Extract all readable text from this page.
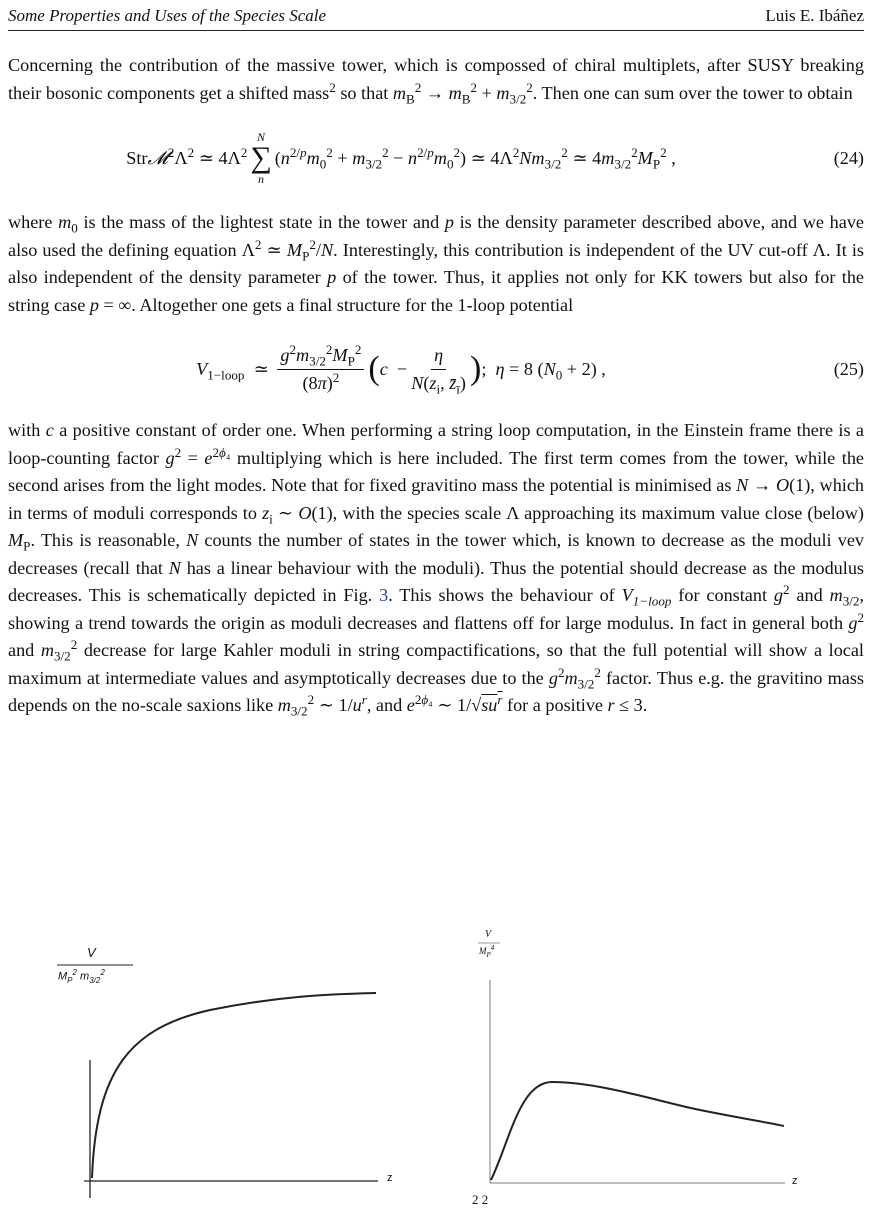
Some Properties and Uses of the Species Scale	Luis E. Ibáñez

Concerning the contribution of the massive tower, which is compossed of chiral multiplets, after SUSY breaking their bosonic components get a shifted mass$^2$ so that $m_B^2 \to m_B^2 + m_{3/2}^2$. Then one can sum over the tower to obtain

$Str𝓜^2\Lambda^2$ ≃ $4\Lambda^2$
N
∑
n
$(n^{2/p}m_0^2 + m_{3/2}^2 - n^{2/p}m_0^2)$ ≃ $4\Lambda^2Nm_{3/2}^2$ ≃ $4m_{3/2}^2M_P^2$ ,	(24)

where $m_0$ is the mass of the lightest state in the tower and p is the density parameter described above, and we have also used the defining equation $\Lambda^2$ ≃ $M_P^2/N$. Interestingly, this contribution is independent of the UV cut-off Λ. It is also independent of the density parameter p of the tower. Thus, it applies not only for KK towers but also for the string case p = ∞. Altogether one gets a final structure for the 1-loop potential

$V_{1-loop}$  ≃ $\frac{g^2m_{3/2}^2M_P^2}{(8\pi)^2}$ ( $c - \frac{\eta}{N(z_i, z̄_ī)}$ ) ;  η = 8 $(N_0 + 2)$ ,	(25)

with c a positive constant of order one. When performing a string loop computation, in the Einstein frame there is a loop-counting factor $g^2 = e^{2\phi_4}$ multiplying which is here included. The first term comes from the tower, while the second arises from the light modes. Note that for fixed gravitino mass the potential is minimised as N → O(1), which in terms of moduli corresponds to $z_i$ ∼ O(1), with the species scale Λ approaching its maximum value close (below) $M_P$. This is reasonable, N counts the number of states in the tower which, is known to decrease as the moduli vev decreases (recall that N has a linear behaviour with the moduli). Thus the potential should decrease as the modulus decreases. This is schematically depicted in Fig. 3. This shows the behaviour of $V_{1-loop}$ for constant $g^2$ and $m_{3/2}$, showing a trend towards the origin as moduli decreases and flattens off for large modulus. In fact in general both $g^2$ and $m_{3/2}^2$ decrease for large Kahler moduli in string compactifications, so that the full potential will show a local maximum at intermediate values and asymptotically decreases due to the $g^2m_{3/2}^2$ factor. Thus e.g. the gravitino mass depends on the no-scale saxions like $m_{3/2}^2$ ∼ $1/u^r$, and $e^{2\phi_4}$ ∼ $1/√su^r$ for a positive r ≤ 3.

V
$M_P^2$ $m_{3/2}^2$
z
V
$M_P^4$
z
2 2
